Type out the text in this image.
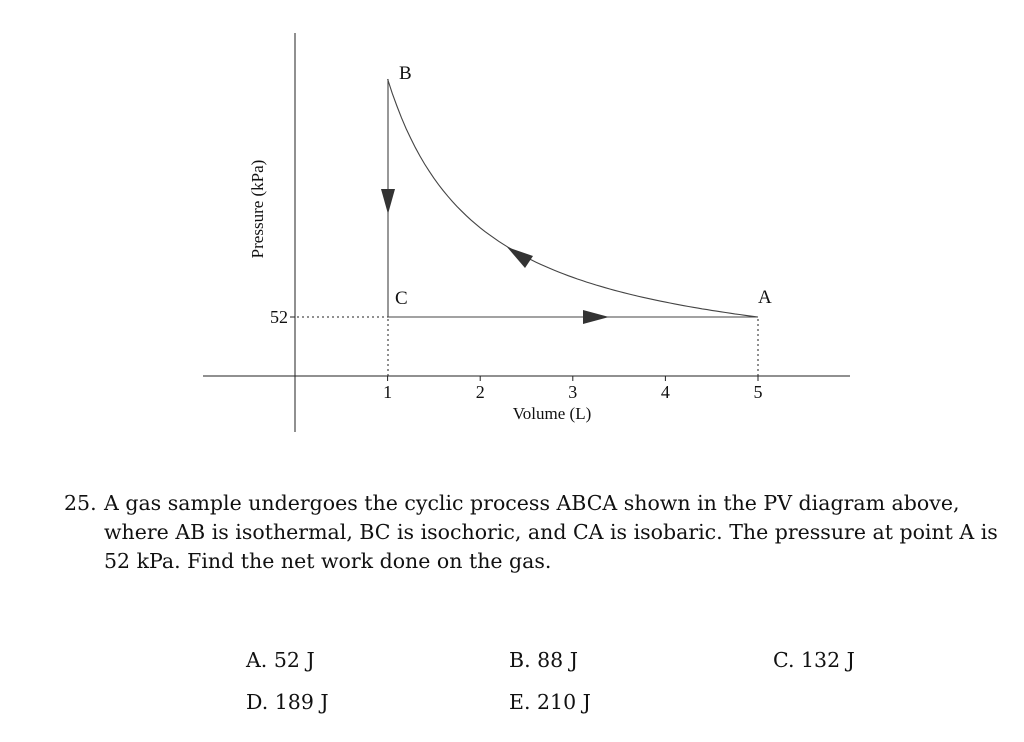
Pressure (kPa)
Volume (L)
52
1	2	3	4	5
B
C	A
25. A gas sample undergoes the cyclic process ABCA shown in the PV diagram above, where AB is isothermal, BC is isochoric, and CA is isobaric. The pressure at point A is 52 kPa. Find the net work done on the gas.
A. 52 J	B. 88 J	C. 132 J
D. 189 J	E. 210 J
